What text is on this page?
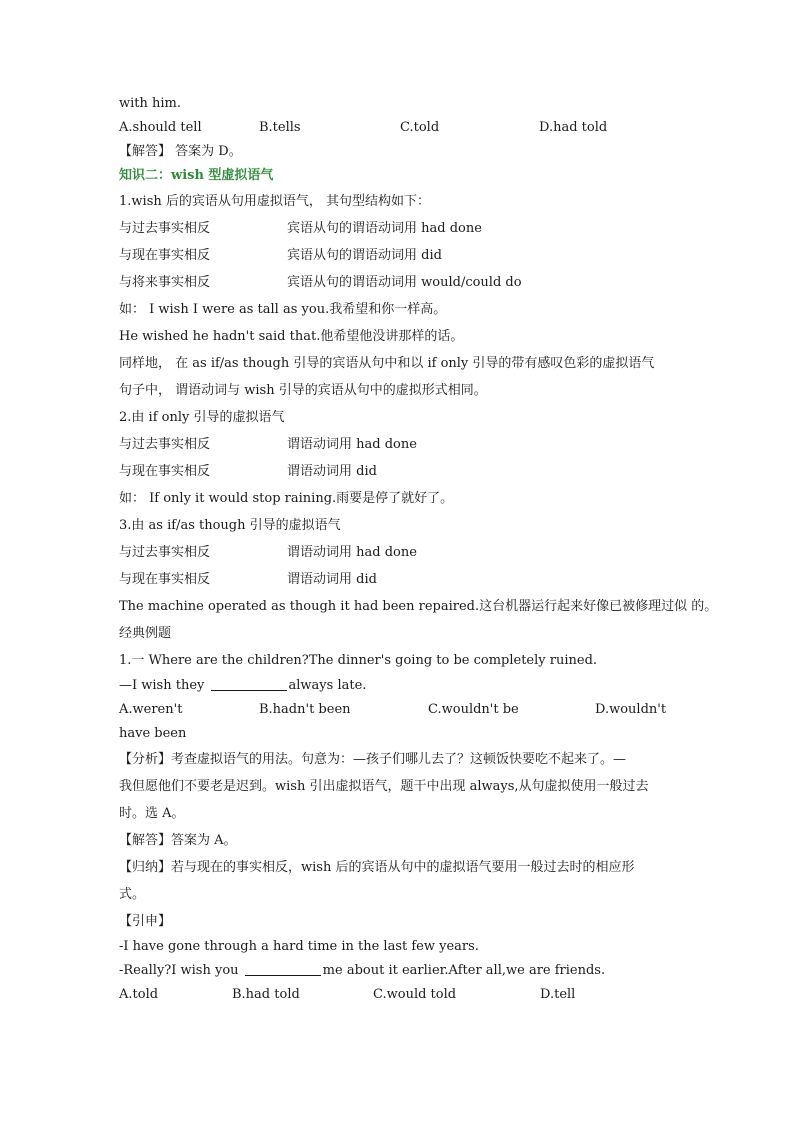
with him.
A.should tell	B.tells	C.told	D.had told
【解答】 答案为 D。
知识二：wish 型虚拟语气
1.wish 后的宾语从句用虚拟语气， 其句型结构如下：
与过去事实相反	宾语从句的谓语动词用 had done
与现在事实相反	宾语从句的谓语动词用 did
与将来事实相反	宾语从句的谓语动词用 would/could do
如： I wish I were as tall as you.我希望和你一样高。
He wished he hadn't said that.他希望他没讲那样的话。
同样地， 在 as if/as though 引导的宾语从句中和以 if only 引导的带有感叹色彩的虚拟语气
句子中， 谓语动词与 wish 引导的宾语从句中的虚拟形式相同。
2.由 if only 引导的虚拟语气
与过去事实相反	谓语动词用 had done
与现在事实相反	谓语动词用 did
如： If only it would stop raining.雨要是停了就好了。
3.由 as if/as though 引导的虚拟语气
与过去事实相反	谓语动词用 had done
与现在事实相反	谓语动词用 did
The machine operated as though it had been repaired.这台机器运行起来好像已被修理过似 的。
经典例题
1.一 Where are the children?The dinner's going to be completely ruined.
—I wish they	always late.
A.weren't	B.hadn't been	C.wouldn't be	D.wouldn't
have been
【分析】考查虚拟语气的用法。句意为：—孩子们哪儿去了？这顿饭快要吃不起来了。—
我但愿他们不要老是迟到。wish 引出虚拟语气，题干中出现 always,从句虚拟使用一般过去
时。选 A。
【解答】答案为 A。
【归纳】若与现在的事实相反，wish 后的宾语从句中的虚拟语气要用一般过去时的相应形
式。
【引申】
-I have gone through a hard time in the last few years.
-Really?I wish you	me about it earlier.After all,we are friends.
A.told	B.had told	C.would told	D.tell
